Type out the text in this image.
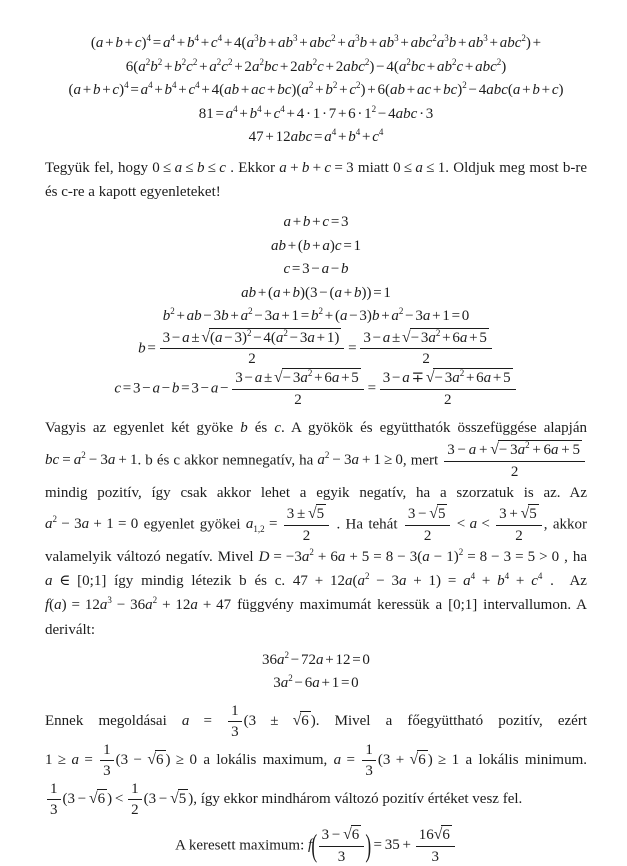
$(a + b + c)^4 = a^4 + b^4 + c^4 + 4(a^3b + ab^3 + abc^2 + a^3b + ab^3 + abc^2a^3b + ab^3 + abc^2)$ +
$6(a^2b^2 + b^2c^2 + a^2c^2 + 2a^2bc + 2ab^2c + 2abc^2) - 4(a^2bc + ab^2c + abc^2)$
$(a + b + c)^4 = a^4 + b^4 + c^4 + 4(ab$ + ac + $bc)(a^2 + b^2 + c^2) + 6(ab$ + ac + bc)$^2$ − 4abc(a + b + c)
$81 = a^4 + b^4 + c^4 + 4 \cdot 1 \cdot 7 + 6 \cdot 1^2 - 4abc \cdot 3$
$47 + 12abc = a^4 + b^4 + c^4$

Tegyük fel, hogy 0 ≤ a ≤ b ≤ c . Ekkor a + b + c = 3 miatt 0 ≤ a ≤ 1. Oldjuk meg most b-re és c-re a kapott egyenleteket!

a + b + c = 3
ab + (b + a)c = 1
c = 3 − a − b
ab + (a + b)(3 − (a + b)) = 1
$b^2$ + ab − $3b + a^2 - 3a + 1 = b^2 + (a - 3)b + a^2 - 3a + 1 = 0$
$b = \frac{3 - a \pm √(a - 3)^2 - 4(a^2 - 3a + 1)}{2} = \frac{3 - a \pm √- 3a^2 + 6a + 5}{2}$
$c = 3 - a - b = 3 - a - \frac{3 - a \pm √- 3a^2 + 6a + 5}{2} = \frac{3 - a \mp √- 3a^2 + 6a + 5}{2}$

Vagyis az egyenlet két gyöke b és c. A gyökök és együtthatók összefüggése alapján bc = $a^2 - 3a + 1$. b és c akkor nemnegatív, ha $a^2 - 3a + 1 \ge 0$, mert $\frac{3 - a + √- 3a^2 + 6a + 5}{2}$
mindig pozitív, így csak akkor lehet a egyik negatív, ha a szorzatuk is az. Az $a^2 - 3a + 1 = 0$ egyenlet gyökei $a_{1,2} = \frac{3 \pm √5}{2}$ . Ha tehát $\frac{3 - √5}{2} < a < \frac{3 + √5}{2}$ , akkor valamelyik változó negatív. Mivel $D = -3a^2 + 6a + 5 = 8 - 3(a - 1)^2 = 8 - 3 = 5 > 0$ , ha a ∈ [0;1] így mindig létezik b és c. $47 + 12a(a^2 - 3a + 1) = a^4 + b^4 + c^4$ .  Az $f(a) = 12a^3 - 36a^2 + 12a + 47$ függvény maximumát keressük a [0;1] intervallumon. A derivált:

$36a^2 - 72a + 12 = 0$
$3a^2 - 6a + 1 = 0$

Ennek megoldásai $a = \frac{1}{3} (3 \pm √6$ ). Mivel a főegyüttható pozitív, ezért $1 \ge a = \frac{1}{3} (3 - √6$ ) ≥ 0 a lokális maximum, $a = \frac{1}{3} (3 + √6$ ) ≥ 1 a lokális minimum.
$\frac{1}{3} (3 - √6$ ) < $\frac{1}{2} (3 - √5$ ), így ekkor mindhárom változó pozitív értéket vesz fel.

A keresett maximum: f ( $\frac{3 - √6}{3}$ ) = $35 + \frac{16√6}{3}$
